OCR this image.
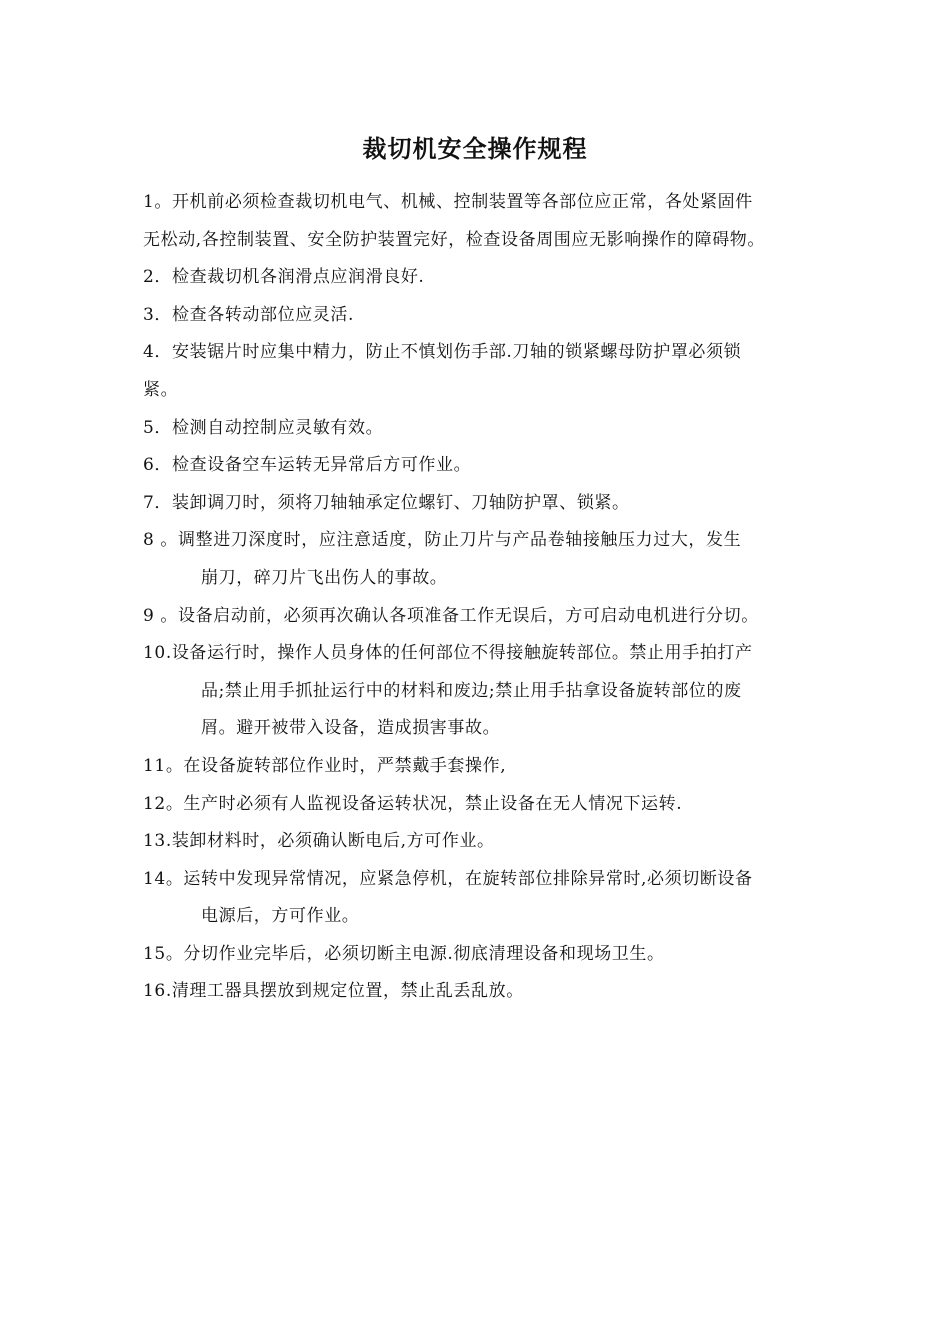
裁切机安全操作规程
1。开机前必须检查裁切机电气、机械、控制装置等各部位应正常，各处紧固件
无松动,各控制装置、安全防护装置完好，检查设备周围应无影响操作的障碍物。
2．检查裁切机各润滑点应润滑良好.
3．检查各转动部位应灵活.
4．安装锯片时应集中精力，防止不慎划伤手部.刀轴的锁紧螺母防护罩必须锁
紧。
5．检测自动控制应灵敏有效。
6．检查设备空车运转无异常后方可作业。
7．装卸调刀时，须将刀轴轴承定位螺钉、刀轴防护罩、锁紧。
8 。调整进刀深度时，应注意适度，防止刀片与产品卷轴接触压力过大，发生
崩刀，碎刀片飞出伤人的事故。
9 。设备启动前，必须再次确认各项准备工作无误后，方可启动电机进行分切。
10.设备运行时，操作人员身体的任何部位不得接触旋转部位。禁止用手拍打产
品;禁止用手抓扯运行中的材料和废边;禁止用手拈拿设备旋转部位的废
屑。避开被带入设备，造成损害事故。
11。在设备旋转部位作业时，严禁戴手套操作,
12。生产时必须有人监视设备运转状况，禁止设备在无人情况下运转.
13.装卸材料时，必须确认断电后,方可作业。
14。运转中发现异常情况，应紧急停机，在旋转部位排除异常时,必须切断设备
电源后，方可作业。
15。分切作业完毕后，必须切断主电源.彻底清理设备和现场卫生。
16.清理工器具摆放到规定位置，禁止乱丢乱放。
